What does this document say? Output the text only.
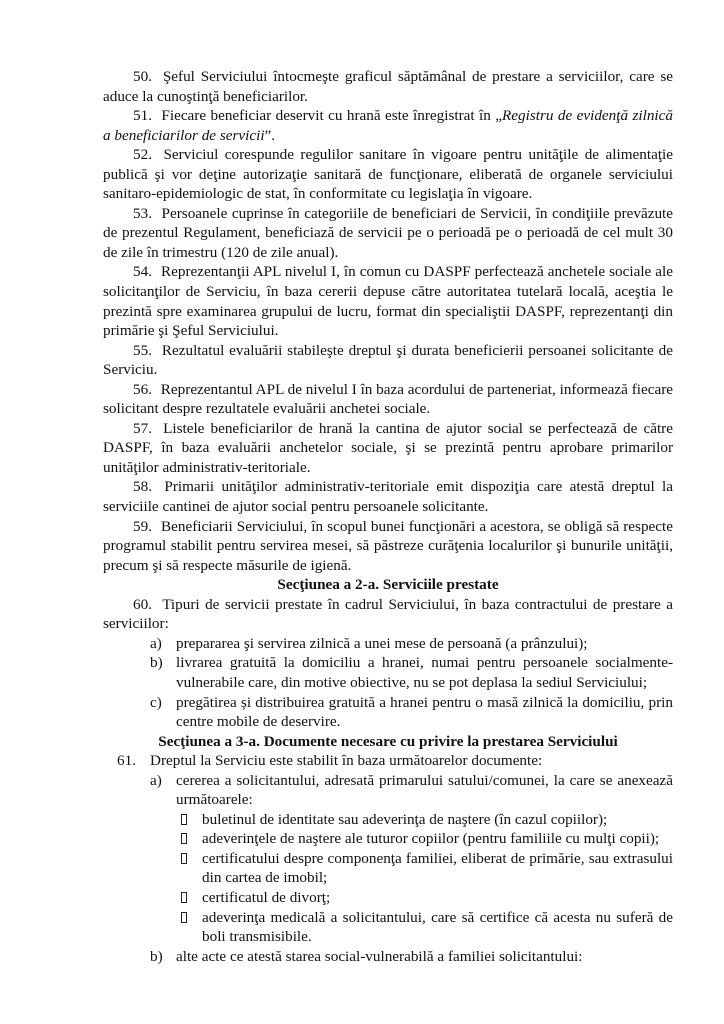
50. Şeful Serviciului întocmeşte graficul săptămânal de prestare a serviciilor, care se aduce la cunoştinţă beneficiarilor.

51. Fiecare beneficiar deservit cu hrană este înregistrat în „Registru de evidenţă zilnică a beneficiarilor de servicii”.

52. Serviciul corespunde regulilor sanitare în vigoare pentru unităţile de alimentaţie publică şi vor deţine autorizaţie sanitară de funcţionare, eliberată de organele serviciului sanitaro-epidemiologic de stat, în conformitate cu legislaţia în vigoare.

53. Persoanele cuprinse în categoriile de beneficiari de Servicii, în condiţiile prevăzute de prezentul Regulament, beneficiază de servicii pe o perioadă pe o perioadă de cel mult 30 de zile în trimestru (120 de zile anual).

54. Reprezentanţii APL nivelul I, în comun cu DASPF perfectează anchetele sociale ale solicitanţilor de Serviciu, în baza cererii depuse către autoritatea tutelară locală, aceştia le prezintă spre examinarea grupului de lucru, format din specialiştii DASPF, reprezentanţi din primărie şi Şeful Serviciului.

55. Rezultatul evaluării stabileşte dreptul şi durata beneficierii persoanei solicitante de Serviciu.

56. Reprezentantul APL de nivelul I în baza acordului de parteneriat, informează fiecare solicitant despre rezultatele evaluării anchetei sociale.

57. Listele beneficiarilor de hrană la cantina de ajutor social se perfectează de către DASPF, în baza evaluării anchetelor sociale, şi se prezintă pentru aprobare primarilor unităţilor administrativ-teritoriale.

58. Primarii unităţilor administrativ-teritoriale emit dispoziţia care atestă dreptul la serviciile cantinei de ajutor social pentru persoanele solicitante.

59. Beneficiarii Serviciului, în scopul bunei funcţionări a acestora, se obligă să respecte programul stabilit pentru servirea mesei, să păstreze curăţenia localurilor şi bunurile unităţii, precum şi să respecte măsurile de igienă.

Secţiunea a 2-a. Serviciile prestate

60. Tipuri de servicii prestate în cadrul Serviciului, în baza contractului de prestare a serviciilor:

a) prepararea şi servirea zilnică a unei mese de persoană (a prânzului);
b) livrarea gratuită la domiciliu a hranei, numai pentru persoanele socialmente-vulnerabile care, din motive obiective, nu se pot deplasa la sediul Serviciului;
c) pregătirea și distribuirea gratuită a hranei pentru o masă zilnică la domiciliu, prin centre mobile de deservire.

Secţiunea a 3-a. Documente necesare cu privire la prestarea Serviciului

61. Dreptul la Serviciu este stabilit în baza următoarelor documente:

a) cererea a solicitantului, adresată primarului satului/comunei, la care se anexează următoarele:
buletinul de identitate sau adeverinţa de naştere (în cazul copiilor);
adeverinţele de naştere ale tuturor copiilor (pentru familiile cu mulţi copii);
certificatului despre componenţa familiei, eliberat de primărie, sau extrasului din cartea de imobil;
certificatul de divorţ;
adeverinţa medicală a solicitantului, care să certifice că acesta nu suferă de boli transmisibile.
b) alte acte ce atestă starea social-vulnerabilă a familiei solicitantului:
